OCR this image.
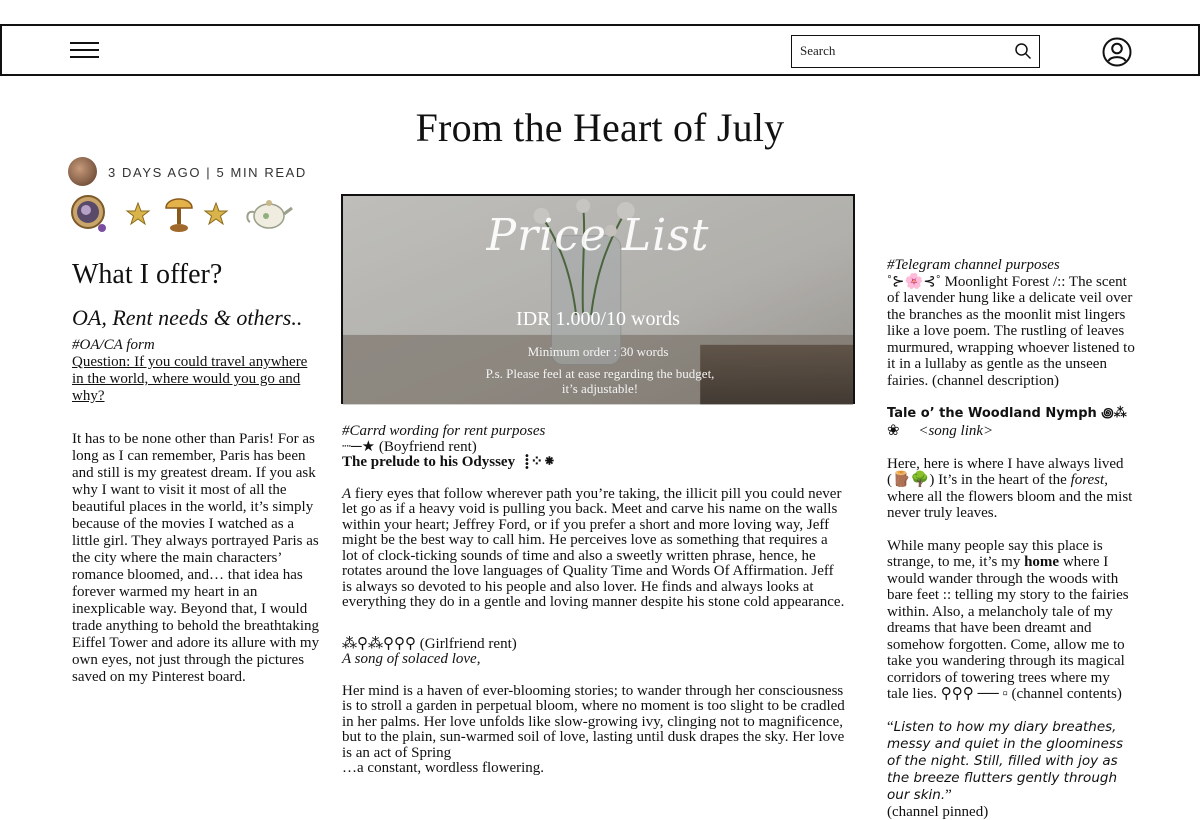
Search
From the Heart of July
3 DAYS AGO | 5 MIN READ
What I offer?
OA, Rent needs & others..
#OA/CA form
Question: If you could travel anywhere in the world, where would you go and why?

It has to be none other than Paris! For as long as I can remember, Paris has been and still is my greatest dream. If you ask why I want to visit it most of all the beautiful places in the world, it’s simply because of the movies I watched as a little girl. They always portrayed Paris as the city where the main characters’ romance bloomed, and… that idea has forever warmed my heart in an inexplicable way. Beyond that, I would trade anything to behold the breathtaking Eiffel Tower and adore its allure with my own eyes, not just through the pictures saved on my Pinterest board.

Price List
IDR 1.000/10 words
Minimum order : 30 words
P.s. Please feel at ease regarding the budget, it’s adjustable!
#Carrd wording for rent purposes
┈─★ (Boyfriend rent)
The prelude to his Odyssey ⢸⁘⁕

A fiery eyes that follow wherever path you’re taking, the illicit pill you could never let go as if a heavy void is pulling you back. Meet and carve his name on the walls within your heart; Jeffrey Ford, or if you prefer a short and more loving way, Jeff might be the best way to call him. He perceives love as something that requires a lot of clock-ticking sounds of time and also a sweetly written phrase, hence, he rotates around the love languages of Quality Time and Words Of Affirmation. Jeff is always so devoted to his people and also lover. He finds and always looks at everything they do in a gentle and loving manner despite his stone cold appearance.

⁂⚲⁂⚲⚲⚲ (Girlfriend rent)
A song of solaced love,

Her mind is a haven of ever-blooming stories; to wander through her consciousness is to stroll a garden in perpetual bloom, where no moment is too slight to be cradled in her palms. Her love unfolds like slow-growing ivy, clinging not to magnificence, but to the plain, sun-warmed soil of love, lasting until dusk drapes the sky. Her love is an act of Spring

…a constant, wordless flowering.
#Telegram channel purposes

˚⊱🌸⊰˚ Moonlight Forest /:: The scent of lavender hung like a delicate veil over the branches as the moonlit mist lingers like a love poem. The rustling of leaves murmured, wrapping whoever listened to it in a lullaby as gentle as the unseen fairies. (channel description)

Tale o’ the Woodland Nymph ꩜⁂
❀ <song link>

Here, here is where I have always lived (🪵🌳) It’s in the heart of the forest, where all the flowers bloom and the mist never truly leaves.

While many people say this place is strange, to me, it’s my home where I would wander through the woods with bare feet :: telling my story to the fairies within. Also, a melancholy tale of my dreams that have been dreamt and somehow forgotten. Come, allow me to take you wandering through its magical corridors of towering trees where my tale lies. ⚲⚲⚲ ── ▫ (channel contents)

“Listen to how my diary breathes, messy and quiet in the gloominess of the night. Still, filled with joy as the breeze flutters gently through our skin.”

(channel pinned)
